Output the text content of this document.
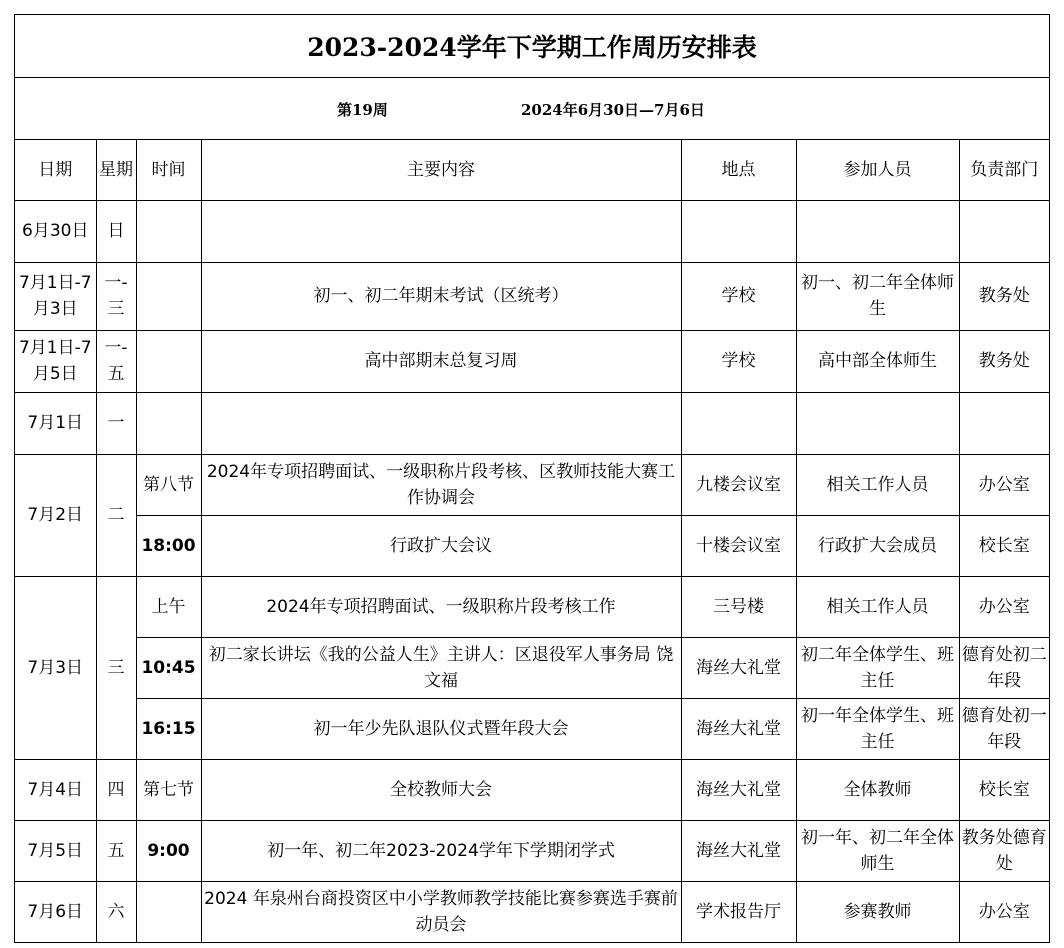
2023-2024学年下学期工作周历安排表
第19周	2024年6月30日—7月6日
日期	星期	时间	主要内容	地点	参加人员	负责部门
6月30日	日					
7月1日-7月3日	一-三		初一、初二年期末考试（区统考）	学校	初一、初二年全体师生	教务处
7月1日-7月5日	一-五		高中部期末总复习周	学校	高中部全体师生	教务处
7月1日	一					
7月2日	二	第八节	2024年专项招聘面试、一级职称片段考核、区教师技能大赛工作协调会	九楼会议室	相关工作人员	办公室
		18:00	行政扩大会议	十楼会议室	行政扩大会成员	校长室
7月3日	三	上午	2024年专项招聘面试、一级职称片段考核工作	三号楼	相关工作人员	办公室
		10:45	初二家长讲坛《我的公益人生》主讲人：区退役军人事务局 饶文福	海丝大礼堂	初二年全体学生、班主任	德育处初二年段
		16:15	初一年少先队退队仪式暨年段大会	海丝大礼堂	初一年全体学生、班主任	德育处初一年段
7月4日	四	第七节	全校教师大会	海丝大礼堂	全体教师	校长室
7月5日	五	9:00	初一年、初二年2023-2024学年下学期闭学式	海丝大礼堂	初一年、初二年全体师生	教务处德育处
7月6日	六		2024 年泉州台商投资区中小学教师教学技能比赛参赛选手赛前动员会	学术报告厅	参赛教师	办公室
